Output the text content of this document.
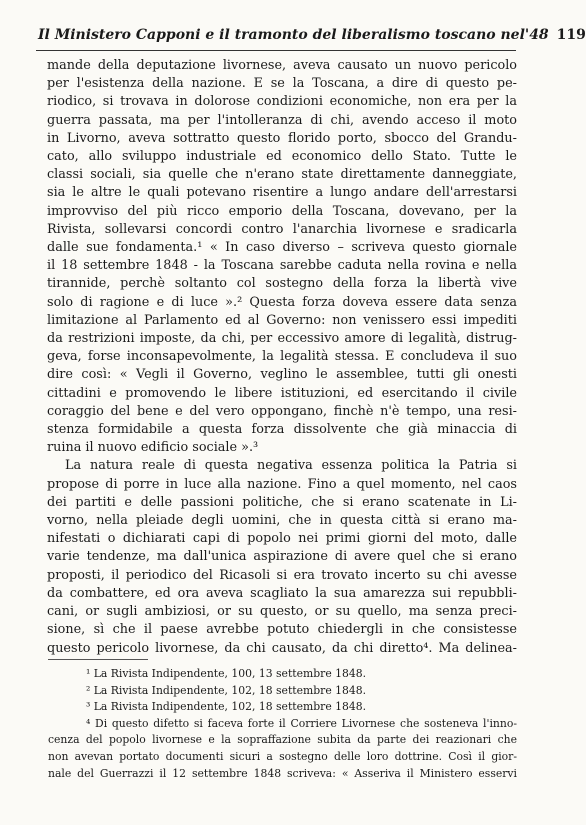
Il Ministero Capponi e il tramonto del liberalismo toscano nel'48 119
mande della deputazione livornese, aveva causato un nuovo pericolo
per l'esistenza della nazione. E se la Toscana, a dire di questo pe-
riodico, si trovava in dolorose condizioni economiche, non era per la
guerra passata, ma per l'intolleranza di chi, avendo acceso il moto
in Livorno, aveva sottratto questo florido porto, sbocco del Grandu-
cato, allo sviluppo industriale ed economico dello Stato. Tutte le
classi sociali, sia quelle che n'erano state direttamente danneggiate,
sia le altre le quali potevano risentire a lungo andare dell'arrestarsi
improvviso del più ricco emporio della Toscana, dovevano, per la
Rivista, sollevarsi concordi contro l'anarchia livornese e sradicarla
dalle sue fondamenta.¹ « In caso diverso – scriveva questo giornale
il 18 settembre 1848 - la Toscana sarebbe caduta nella rovina e nella
tirannide, perchè soltanto col sostegno della forza la libertà vive
solo di ragione e di luce ».² Questa forza doveva essere data senza
limitazione al Parlamento ed al Governo: non venissero essi impediti
da restrizioni imposte, da chi, per eccessivo amore di legalità, distrug-
geva, forse inconsapevolmente, la legalità stessa. E concludeva il suo
dire così: « Vegli il Governo, veglino le assemblee, tutti gli onesti
cittadini e promovendo le libere istituzioni, ed esercitando il civile
coraggio del bene e del vero oppongano, finchè n'è tempo, una resi-
stenza formidabile a questa forza dissolvente che già minaccia di
ruina il nuovo edificio sociale ».³
La natura reale di questa negativa essenza politica la Patria si
propose di porre in luce alla nazione. Fino a quel momento, nel caos
dei partiti e delle passioni politiche, che si erano scatenate in Li-
vorno, nella pleiade degli uomini, che in questa città si erano ma-
nifestati o dichiarati capi di popolo nei primi giorni del moto, dalle
varie tendenze, ma dall'unica aspirazione di avere quel che si erano
proposti, il periodico del Ricasoli si era trovato incerto su chi avesse
da combattere, ed ora aveva scagliato la sua amarezza sui repubbli-
cani, or sugli ambiziosi, or su questo, or su quello, ma senza preci-
sione, sì che il paese avrebbe potuto chiedergli in che consistesse
questo pericolo livornese, da chi causato, da chi diretto⁴. Ma delinea-
¹ La Rivista Indipendente, 100, 13 settembre 1848.
² La Rivista Indipendente, 102, 18 settembre 1848.
³ La Rivista Indipendente, 102, 18 settembre 1848.
⁴ Di questo difetto si faceva forte il Corriere Livornese che sosteneva l'inno-
cenza del popolo livornese e la sopraffazione subita da parte dei reazionari che
non avevan portato documenti sicuri a sostegno delle loro dottrine. Così il gior-
nale del Guerrazzi il 12 settembre 1848 scriveva: « Asseriva il Ministero esservi
